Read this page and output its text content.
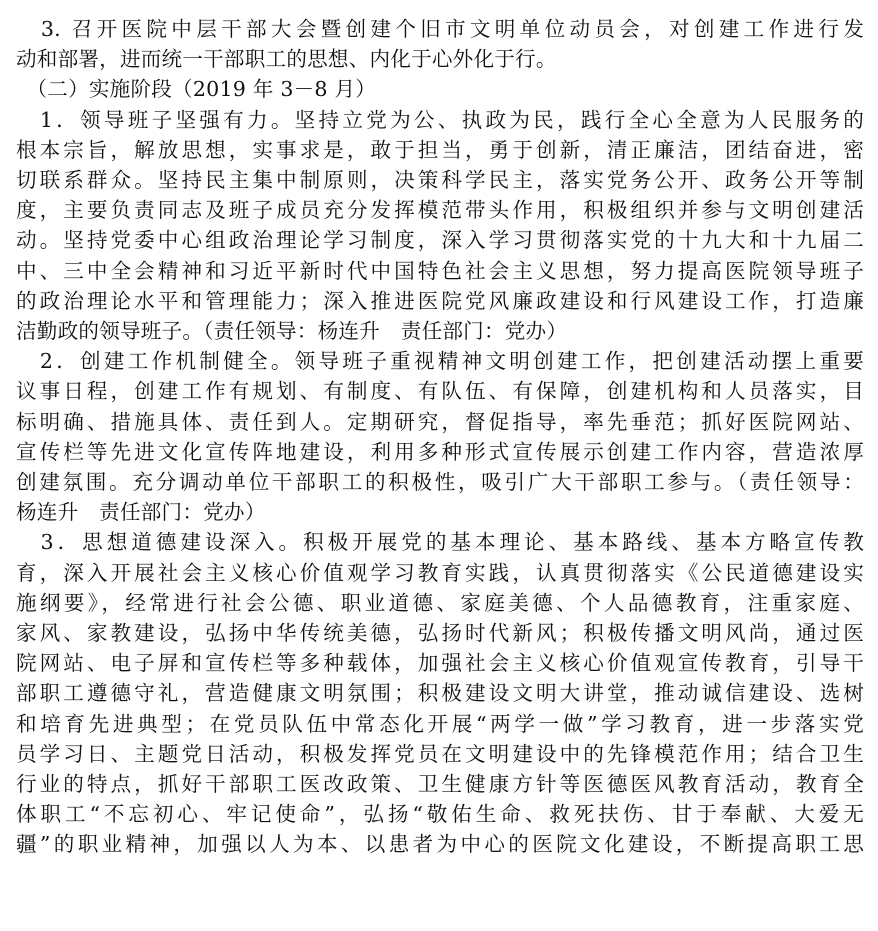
　3. 召开医院中层干部大会暨创建个旧市文明单位动员会，对创建工作进行发
动和部署，进而统一干部职工的思想、内化于心外化于行。
　（二）实施阶段（2019 年 3－8 月）
　1．领导班子坚强有力。坚持立党为公、执政为民，践行全心全意为人民服务的
根本宗旨，解放思想，实事求是，敢于担当，勇于创新，清正廉洁，团结奋进，密
切联系群众。坚持民主集中制原则，决策科学民主，落实党务公开、政务公开等制
度，主要负责同志及班子成员充分发挥模范带头作用，积极组织并参与文明创建活
动。坚持党委中心组政治理论学习制度，深入学习贯彻落实党的十九大和十九届二
中、三中全会精神和习近平新时代中国特色社会主义思想，努力提高医院领导班子
的政治理论水平和管理能力；深入推进医院党风廉政建设和行风建设工作，打造廉
洁勤政的领导班子。（责任领导：杨连升　责任部门：党办）
　2．创建工作机制健全。领导班子重视精神文明创建工作，把创建活动摆上重要
议事日程，创建工作有规划、有制度、有队伍、有保障，创建机构和人员落实，目
标明确、措施具体、责任到人。定期研究，督促指导，率先垂范；抓好医院网站、
宣传栏等先进文化宣传阵地建设，利用多种形式宣传展示创建工作内容，营造浓厚
创建氛围。充分调动单位干部职工的积极性，吸引广大干部职工参与。（责任领导：
杨连升　责任部门：党办）
　3．思想道德建设深入。积极开展党的基本理论、基本路线、基本方略宣传教
育，深入开展社会主义核心价值观学习教育实践，认真贯彻落实《公民道德建设实
施纲要》，经常进行社会公德、职业道德、家庭美德、个人品德教育，注重家庭、
家风、家教建设，弘扬中华传统美德，弘扬时代新风；积极传播文明风尚，通过医
院网站、电子屏和宣传栏等多种载体，加强社会主义核心价值观宣传教育，引导干
部职工遵德守礼，营造健康文明氛围；积极建设文明大讲堂，推动诚信建设、选树
和培育先进典型；在党员队伍中常态化开展“两学一做”学习教育，进一步落实党
员学习日、主题党日活动，积极发挥党员在文明建设中的先锋模范作用；结合卫生
行业的特点，抓好干部职工医改政策、卫生健康方针等医德医风教育活动，教育全
体职工“不忘初心、牢记使命”，弘扬“敬佑生命、救死扶伤、甘于奉献、大爱无
疆”的职业精神，加强以人为本、以患者为中心的医院文化建设，不断提高职工思
